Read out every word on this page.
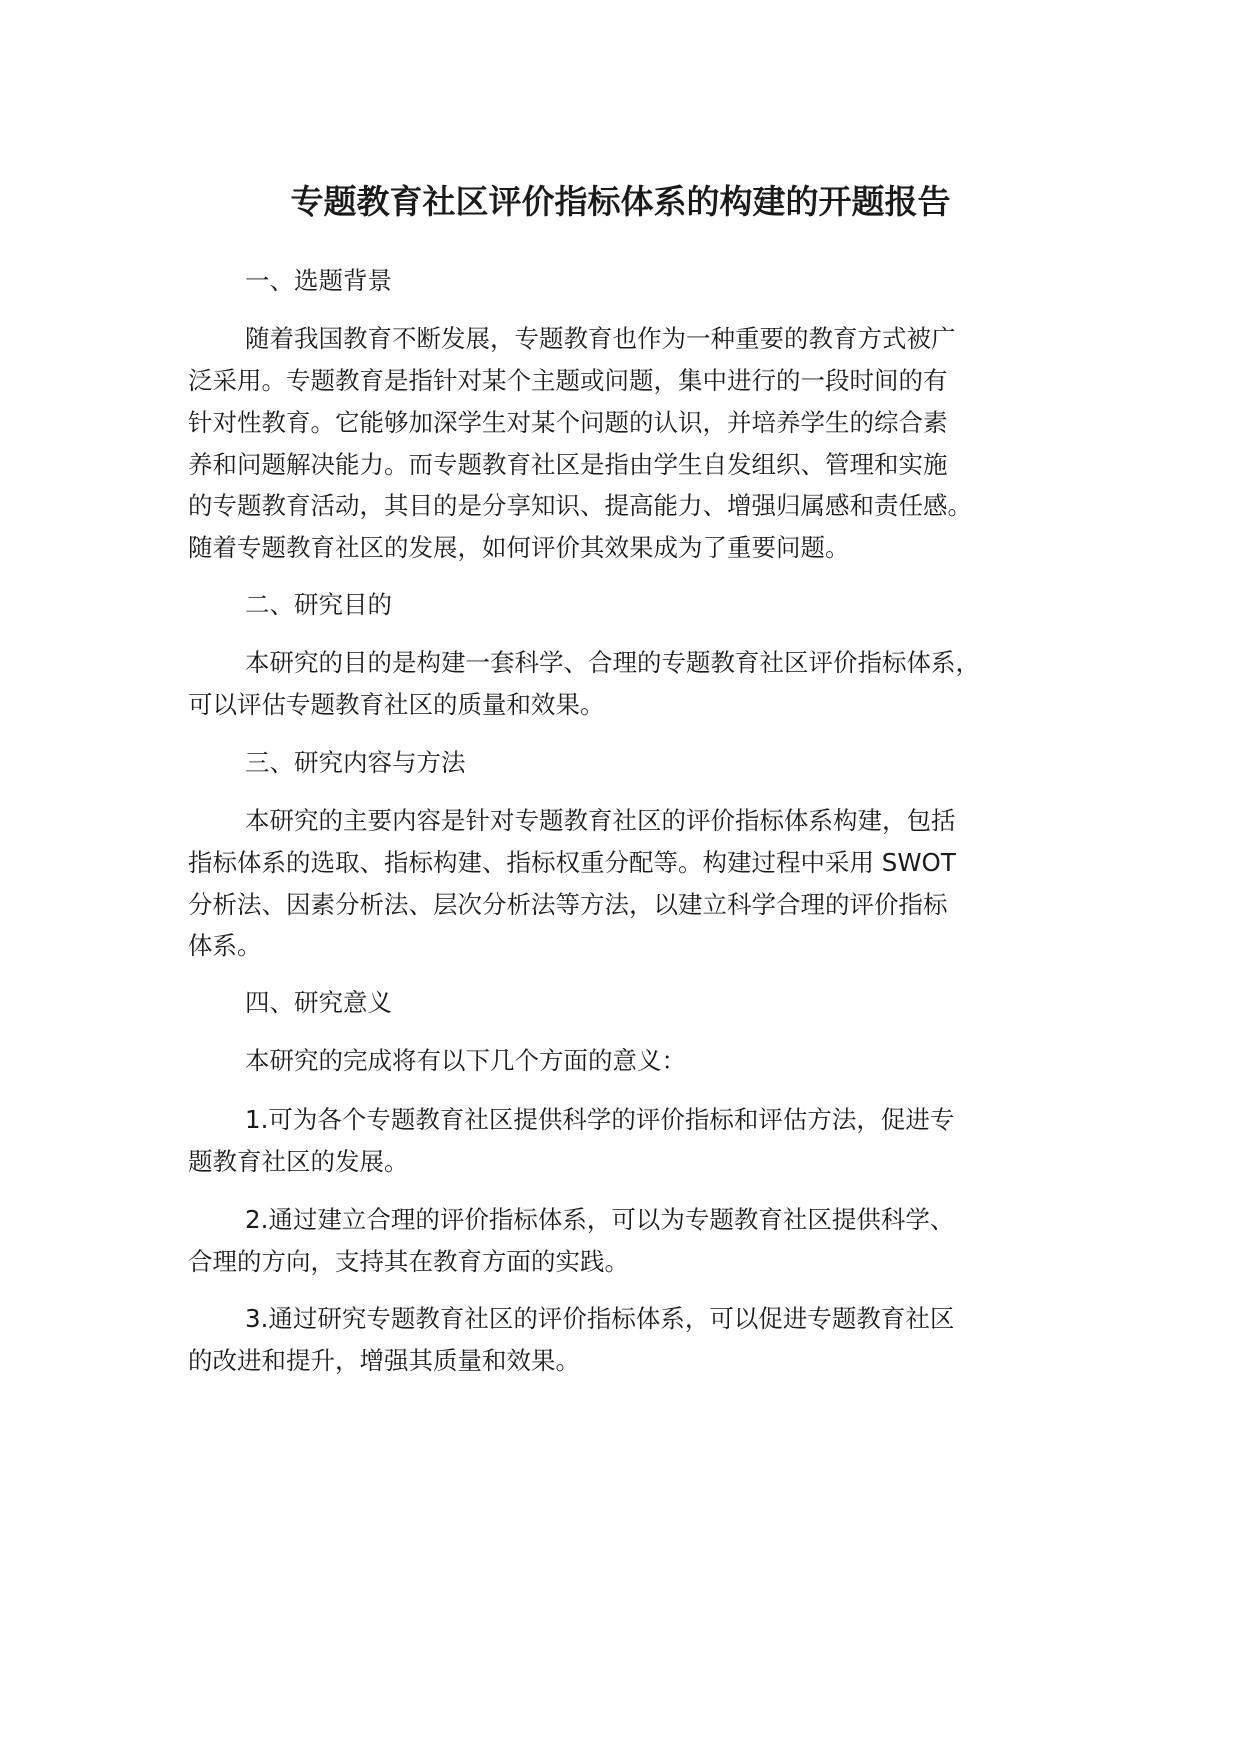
专题教育社区评价指标体系的构建的开题报告

一、选题背景

随着我国教育不断发展，专题教育也作为一种重要的教育方式被广

泛采用。专题教育是指针对某个主题或问题，集中进行的一段时间的有

针对性教育。它能够加深学生对某个问题的认识，并培养学生的综合素

养和问题解决能力。而专题教育社区是指由学生自发组织、管理和实施

的专题教育活动，其目的是分享知识、提高能力、增强归属感和责任感。

随着专题教育社区的发展，如何评价其效果成为了重要问题。

二、研究目的

本研究的目的是构建一套科学、合理的专题教育社区评价指标体系，

可以评估专题教育社区的质量和效果。

三、研究内容与方法

本研究的主要内容是针对专题教育社区的评价指标体系构建，包括

指标体系的选取、指标构建、指标权重分配等。构建过程中采用 SWOT

分析法、因素分析法、层次分析法等方法，以建立科学合理的评价指标

体系。

四、研究意义

本研究的完成将有以下几个方面的意义：

1.可为各个专题教育社区提供科学的评价指标和评估方法，促进专

题教育社区的发展。

2.通过建立合理的评价指标体系，可以为专题教育社区提供科学、

合理的方向，支持其在教育方面的实践。

3.通过研究专题教育社区的评价指标体系，可以促进专题教育社区

的改进和提升，增强其质量和效果。
